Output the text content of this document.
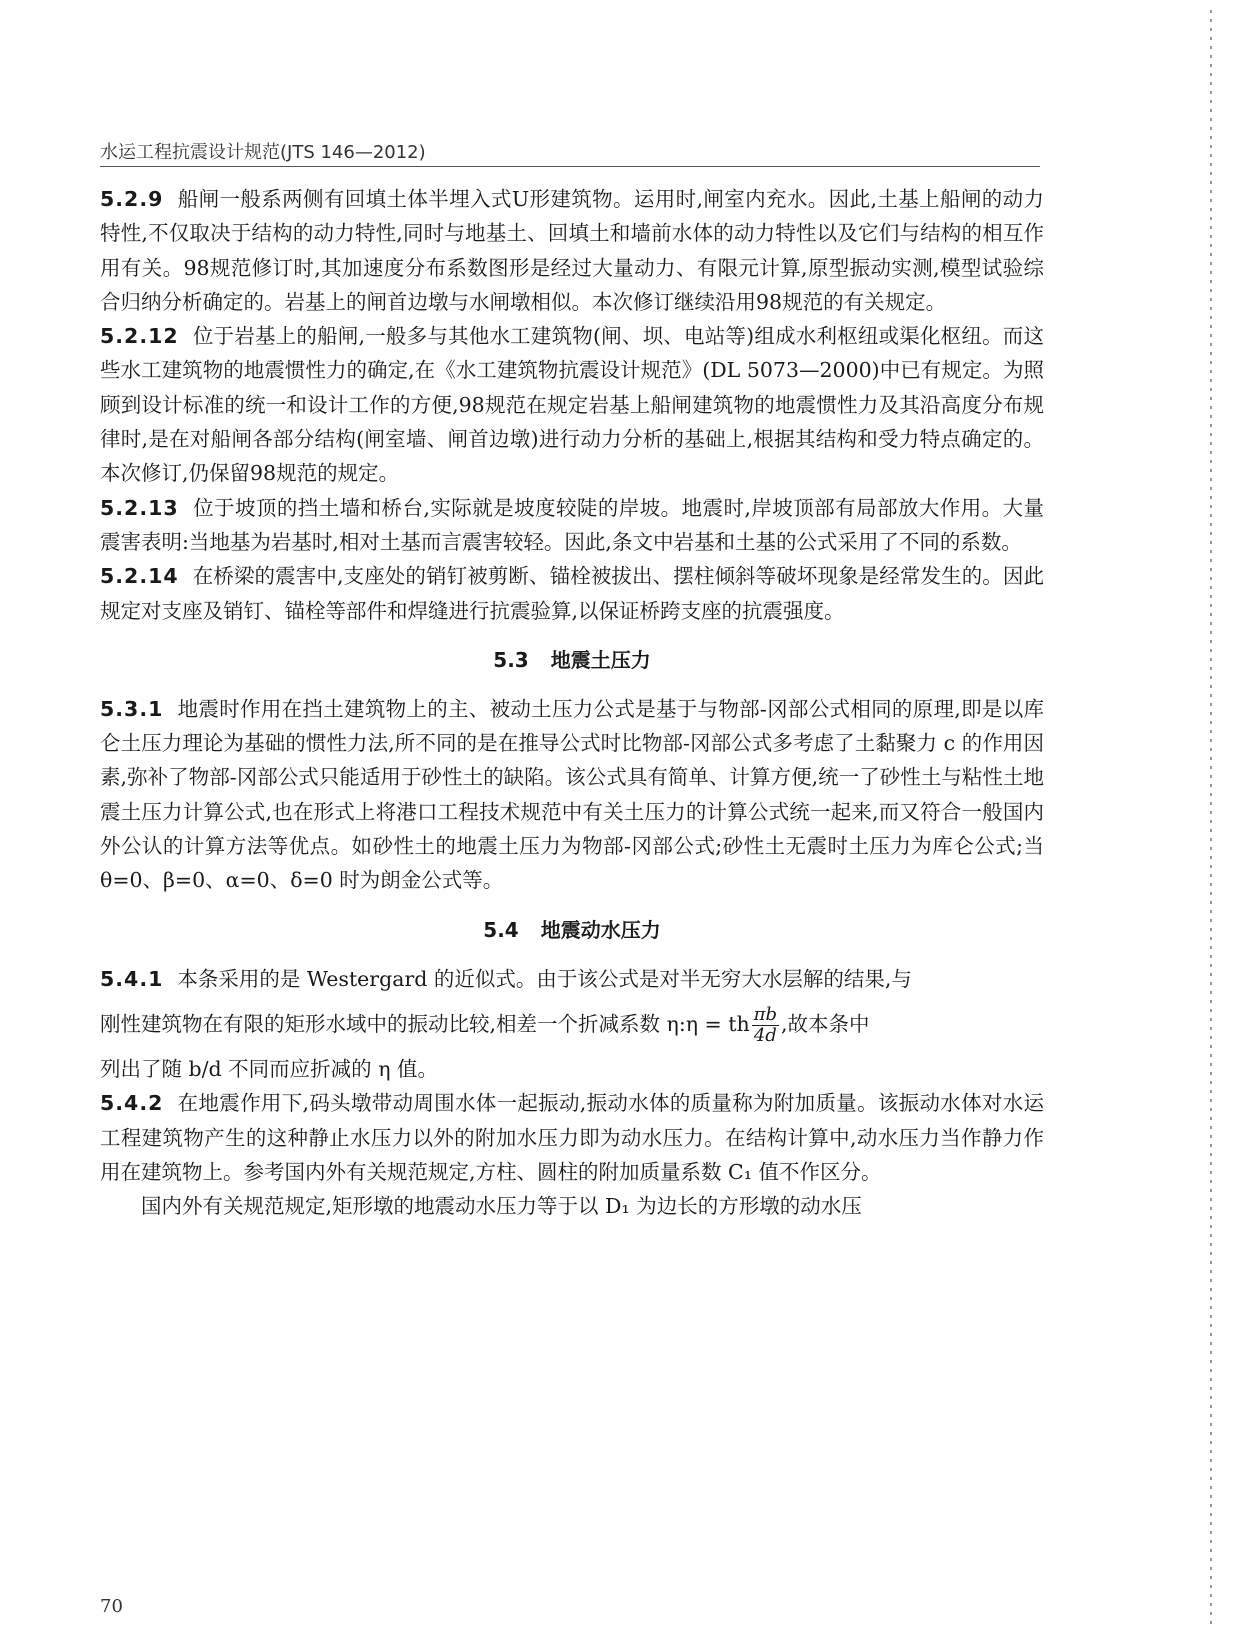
水运工程抗震设计规范(JTS 146—2012)

5.2.9 船闸一般系两侧有回填土体半埋入式U形建筑物。运用时,闸室内充水。因此,土基上船闸的动力特性,不仅取决于结构的动力特性,同时与地基土、回填土和墙前水体的动力特性以及它们与结构的相互作用有关。98规范修订时,其加速度分布系数图形是经过大量动力、有限元计算,原型振动实测,模型试验综合归纳分析确定的。岩基上的闸首边墩与水闸墩相似。本次修订继续沿用98规范的有关规定。

5.2.12 位于岩基上的船闸,一般多与其他水工建筑物(闸、坝、电站等)组成水利枢纽或渠化枢纽。而这些水工建筑物的地震惯性力的确定,在《水工建筑物抗震设计规范》(DL 5073—2000)中已有规定。为照顾到设计标准的统一和设计工作的方便,98规范在规定岩基上船闸建筑物的地震惯性力及其沿高度分布规律时,是在对船闸各部分结构(闸室墙、闸首边墩)进行动力分析的基础上,根据其结构和受力特点确定的。本次修订,仍保留98规范的规定。

5.2.13 位于坡顶的挡土墙和桥台,实际就是坡度较陡的岸坡。地震时,岸坡顶部有局部放大作用。大量震害表明:当地基为岩基时,相对土基而言震害较轻。因此,条文中岩基和土基的公式采用了不同的系数。

5.2.14 在桥梁的震害中,支座处的销钉被剪断、锚栓被拔出、摆柱倾斜等破坏现象是经常发生的。因此规定对支座及销钉、锚栓等部件和焊缝进行抗震验算,以保证桥跨支座的抗震强度。

5.3 地震土压力

5.3.1 地震时作用在挡土建筑物上的主、被动土压力公式是基于与物部-冈部公式相同的原理,即是以库仑土压力理论为基础的惯性力法,所不同的是在推导公式时比物部-冈部公式多考虑了土黏聚力 c 的作用因素,弥补了物部-冈部公式只能适用于砂性土的缺陷。该公式具有简单、计算方便,统一了砂性土与粘性土地震土压力计算公式,也在形式上将港口工程技术规范中有关土压力的计算公式统一起来,而又符合一般国内外公认的计算方法等优点。如砂性土的地震土压力为物部-冈部公式;砂性土无震时土压力为库仑公式;当 θ=0、β=0、α=0、δ=0 时为朗金公式等。

5.4 地震动水压力

5.4.1 本条采用的是 Westergard 的近似式。由于该公式是对半无穷大水层解的结果,与
刚性建筑物在有限的矩形水域中的振动比较,相差一个折减系数 η:η = th $\frac{\pi b}{4d}$ ,故本条中
列出了随 b/d 不同而应折减的 η 值。

5.4.2 在地震作用下,码头墩带动周围水体一起振动,振动水体的质量称为附加质量。该振动水体对水运工程建筑物产生的这种静止水压力以外的附加水压力即为动水压力。在结构计算中,动水压力当作静力作用在建筑物上。参考国内外有关规范规定,方柱、圆柱的附加质量系数 C₁ 值不作区分。

国内外有关规范规定,矩形墩的地震动水压力等于以 D₁ 为边长的方形墩的动水压

70
